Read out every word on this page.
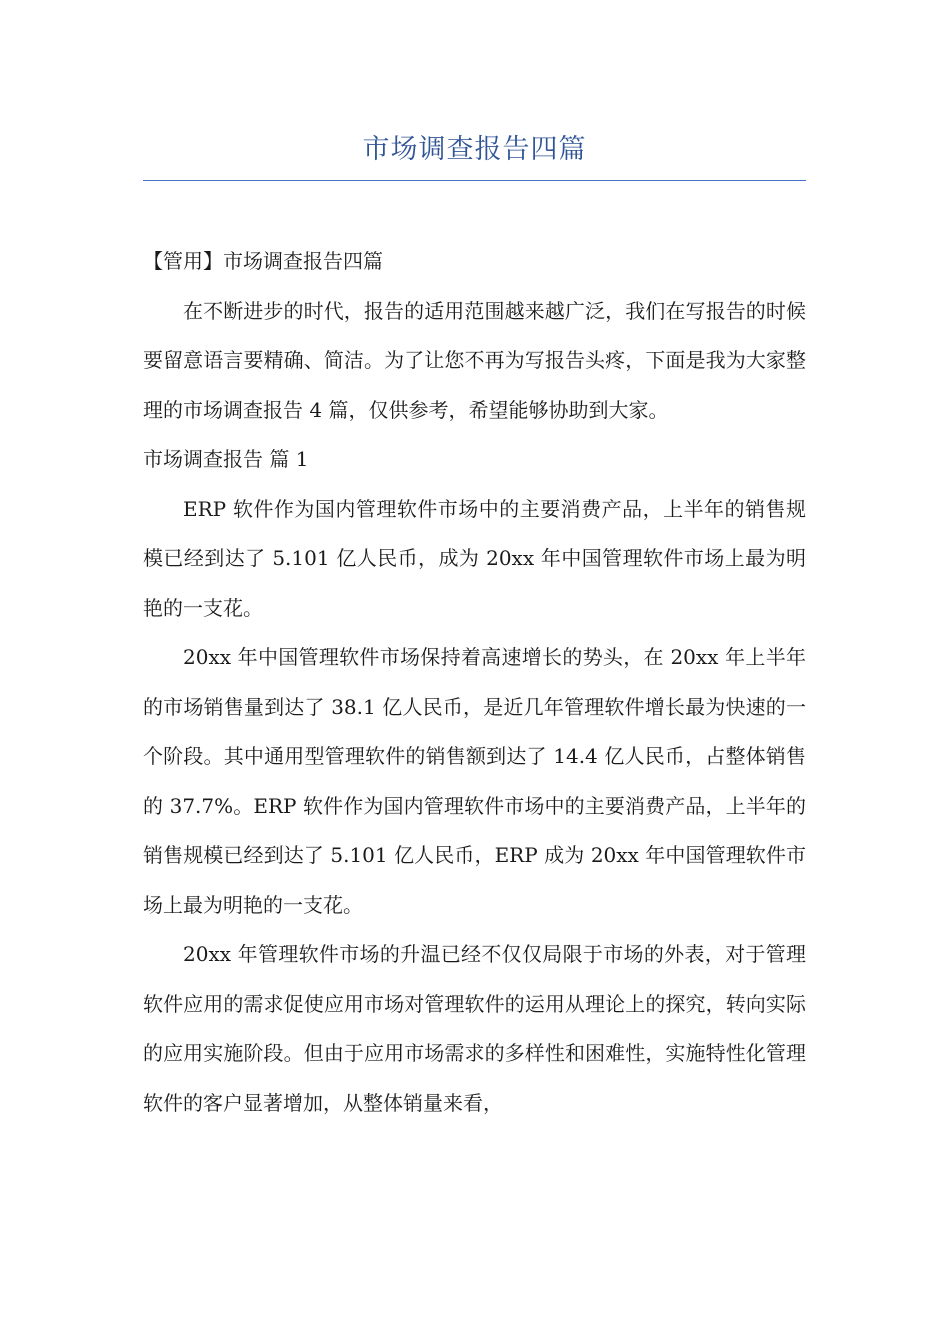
市场调查报告四篇

【管用】市场调查报告四篇

在不断进步的时代，报告的适用范围越来越广泛，我们在写报告的时候要留意语言要精确、简洁。为了让您不再为写报告头疼，下面是我为大家整理的市场调查报告 4 篇，仅供参考，希望能够协助到大家。

市场调查报告 篇 1

ERP 软件作为国内管理软件市场中的主要消费产品，上半年的销售规模已经到达了 5.101 亿人民币，成为 20xx 年中国管理软件市场上最为明艳的一支花。

20xx 年中国管理软件市场保持着高速增长的势头，在 20xx 年上半年的市场销售量到达了 38.1 亿人民币，是近几年管理软件增长最为快速的一个阶段。其中通用型管理软件的销售额到达了 14.4 亿人民币，占整体销售的 37.7%。ERP 软件作为国内管理软件市场中的主要消费产品，上半年的销售规模已经到达了 5.101 亿人民币，ERP 成为 20xx 年中国管理软件市场上最为明艳的一支花。

20xx 年管理软件市场的升温已经不仅仅局限于市场的外表，对于管理软件应用的需求促使应用市场对管理软件的运用从理论上的探究，转向实际的应用实施阶段。但由于应用市场需求的多样性和困难性，实施特性化管理软件的客户显著增加，从整体销量来看，
